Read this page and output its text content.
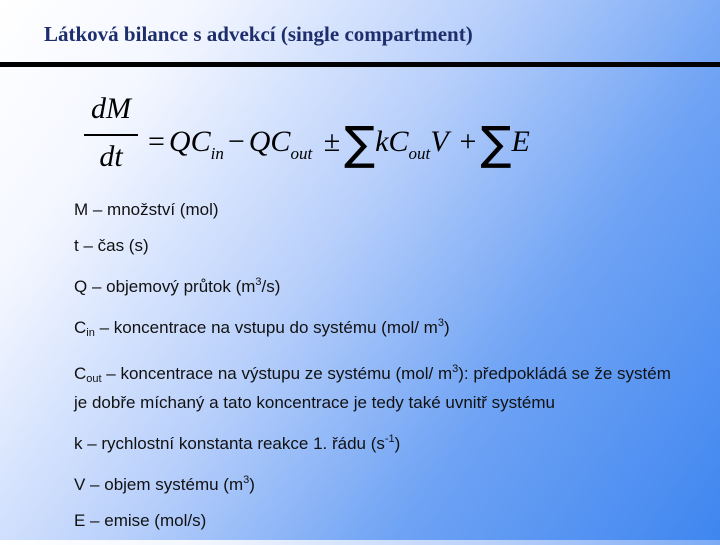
Látková bilance s advekcí (single compartment)
dM
dt = $QC_{in} - QC_{out} \pm\sum kC_{out}V +\sum E$
M – množství (mol)
t – čas (s)
Q – objemový průtok $(m^3/s)$
$C_{in}$ – koncentrace na vstupu do systému (mol/ $m^3$)
$C_{out}$ – koncentrace na výstupu ze systému (mol/ $m^3$): předpokládá se že systém je dobře míchaný a tato koncentrace je tedy také uvnitř systému
k – rychlostní konstanta reakce 1. řádu $(s^{-1})$
V – objem systému $(m^3)$
E – emise (mol/s)
